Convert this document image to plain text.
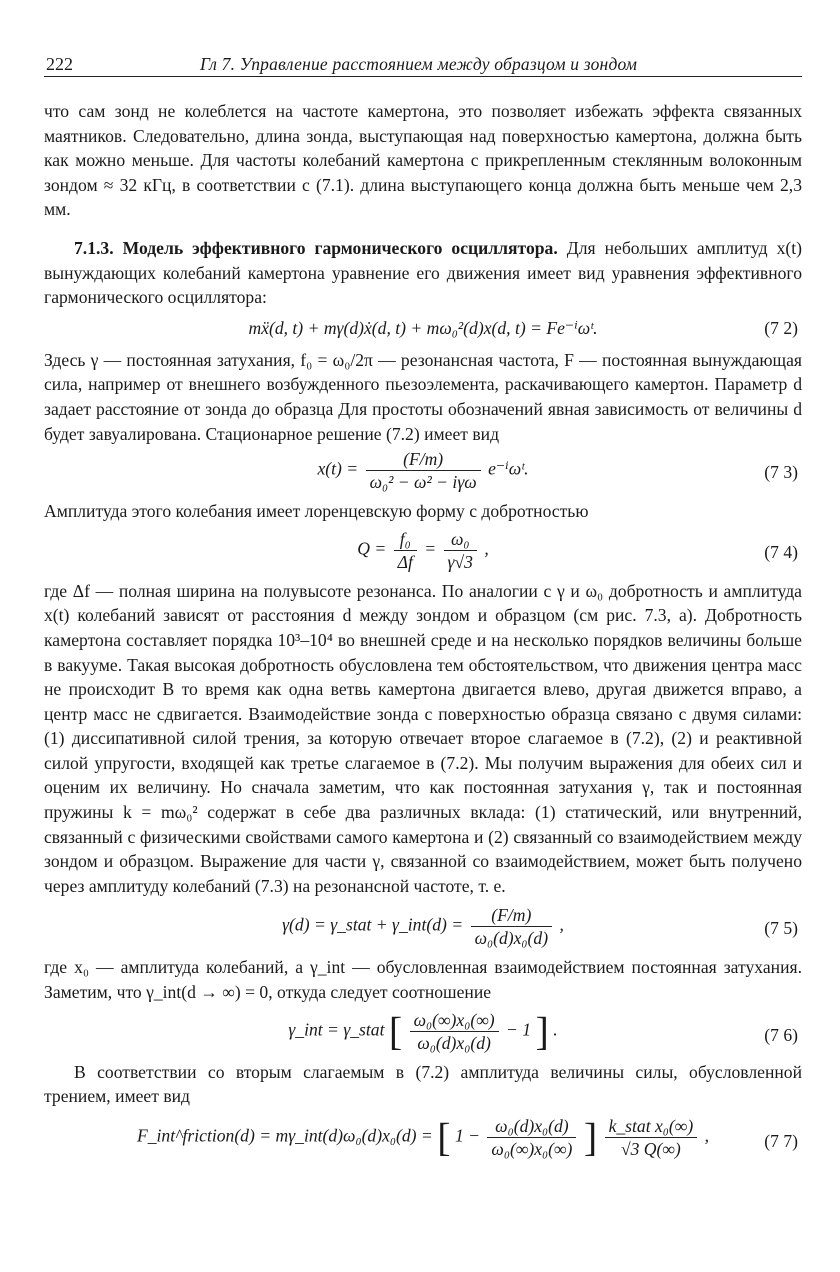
222	Гл 7. Управление расстоянием между образцом и зондом

что сам зонд не колеблется на частоте камертона, это позволяет избежать эффекта связанных маятников. Следовательно, длина зонда, выступающая над поверхностью камертона, должна быть как можно меньше. Для частоты колебаний камертона с прикрепленным стеклянным волоконным зондом ≈ 32 кГц, в соответствии с (7.1). длина выступающего конца должна быть меньше чем 2,3 мм.

7.1.3. Модель эффективного гармонического осциллятора. Для небольших амплитуд x(t) вынуждающих колебаний камертона уравнение его движения имеет вид уравнения эффективного гармонического осциллятора:

mẍ(d, t) + mγ(d)ẋ(d, t) + mω₀²(d)x(d, t) = Fe⁻ⁱωᵗ.	(7 2)

Здесь γ — постоянная затухания, f₀ = ω₀/2π — резонансная частота, F — постоянная вынуждающая сила, например от внешнего возбужденного пьезоэлемента, раскачивающего камертон. Параметр d задает расстояние от зонда до образца Для простоты обозначений явная зависимость от величины d будет завуалирована. Стационарное решение (7.2) имеет вид

$x(t) = \frac{(F/m)}{\text{ω₀² − ω² − iγω}}$ e⁻ⁱωᵗ.	(7 3)

Амплитуда этого колебания имеет лоренцевскую форму с добротностью

$Q = \frac{\text{f₀}}{\Delta f} = \frac{\text{ω₀}}{\gamma√3}$ ,	(7 4)

где Δf — полная ширина на полувысоте резонанса. По аналогии с γ и ω₀ добротность и амплитуда x(t) колебаний зависят от расстояния d между зондом и образцом (см рис. 7.3, а). Добротность камертона составляет порядка 10³–10⁴ во внешней среде и на несколько порядков величины больше в вакууме. Такая высокая добротность обусловлена тем обстоятельством, что движения центра масс не происходит В то время как одна ветвь камертона двигается влево, другая движется вправо, а центр масс не сдвигается. Взаимодействие зонда с поверхностью образца связано с двумя силами: (1) диссипативной силой трения, за которую отвечает второе слагаемое в (7.2), (2) и реактивной силой упругости, входящей как третье слагаемое в (7.2). Мы получим выражения для обеих сил и оценим их величину. Но сначала заметим, что как постоянная затухания γ, так и постоянная пружины k = mω₀² содержат в себе два различных вклада: (1) статический, или внутренний, связанный с физическими свойствами самого камертона и (2) связанный со взаимодействием между зондом и образцом. Выражение для части γ, связанной со взаимодействием, может быть получено через амплитуду колебаний (7.3) на резонансной частоте, т. е.

γ(d) = γ_stat + γ_int(d) = $\frac{(F/m)}{\text{ω₀(d)x₀(d)}}$ ,	(7 5)

где x₀ — амплитуда колебаний, а γ_int — обусловленная взаимодействием постоянная затухания. Заметим, что γ_int(d → ∞) = 0, откуда следует соотношение

γ_int = γ_stat [ $\frac{\text{ω₀(∞)x₀(∞)}}{\text{ω₀(d)x₀(d)}} - 1$ ] .	(7 6)

В соответствии со вторым слагаемым в (7.2) амплитуда величины силы, обусловленной трением, имеет вид

F_int^friction(d) = mγ_int(d)ω₀(d)x₀(d) = [ $1 - \frac{\text{ω₀(d)x₀(d)}}{\text{ω₀(∞)x₀(∞)}}$ ] $\frac{\text{k\_stat x₀(∞)}}{√3 Q(\infty)}$ ,	(7 7)
